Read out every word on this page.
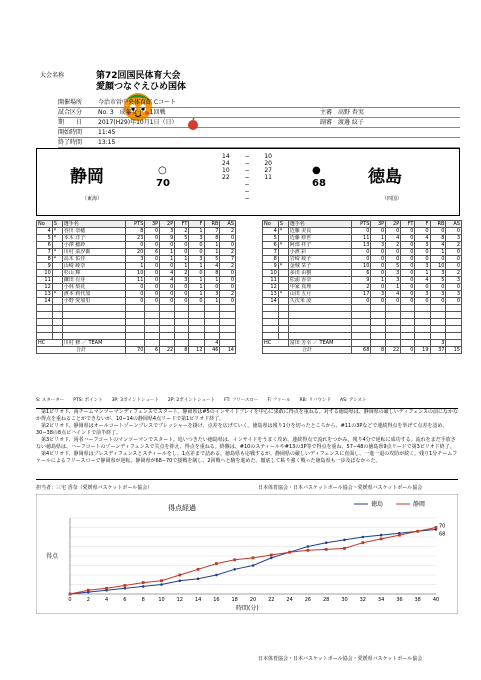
大会名称	第72回国民体育大会
愛顔つなぐえひめ国体
開催場所	今治市営中央体育館 Cコート
試合区分	No. 3　成年女子　1回戦	主審 高野 杏実
期　　日	2017(H29)年10月1日（日）	副審 渡邊 紋子
開始時間	11:45
終了時間	13:15
静岡
（東海）
○
70
14 − 10
24 − 20
10 − 27
22 − 11
−
−
−
●
68 徳島
（四国）
No	S	選手名	PTS	3P	2P	FT	F	RB	AS
4	*	谷川 奈穂	8	0	3	2	1	7	2
5	*	本木 洋子	23	0	9	5	3	8	0
6		小澤 穂鈴	0	0	0	0	0	1	0
7	*	川村 菜汐都	20	6	1	0	0	1	2
8	*	高木 佑佳	3	0	1	1	3	5	7
9		山崎 綾奈	1	0	0	1	1	4	2
10		杉山 輝	10	0	4	2	0	8	0
11		鎌田 有芽	11	0	4	3	1	1	0
12		小林 梨花	0	0	0	0	1	0	0
13	*	濱本 莉代加	0	0	0	0	1	3	2
14		小野 愛加里	0	0	0	0	0	1	0

HC		川村 修 ／ TEAM						4	
合計			70	6	22	8	12	46	14
No	S	選手名	PTS	3P	2P	FT	F	RB	AS
4	*	近藤 美良	0	0	0	0	0	0	0
5		近藤 紗世	11	1	4	0	4	8	3
6	*	阿部 祥子	13	3	2	0	3	4	2
7		小濱 彩	0	0	0	0	0	1	0
8		岩崎 綾子	0	0	0	0	0	0	0
9	*	金城 栞子	10	0	5	0	3	10	0
10		多田 由樹	6	0	3	0	1	3	2
11		松浦 香奈	9	1	3	0	4	5	3
12		中家 真理	2	0	1	0	0	0	0
13	*	山田 五月	17	3	4	0	3	3	3
14		久次米 凌	0	0	0	0	0	0	0

HC		富田 芳幸 ／ TEAM						3	
合計			68	8	22	0	19	37	15
S: スターター　　PTS: ポイント　　3P: 3ポイントシュート　　2P: 2ポイントシュート　　FT: フリースロー　　F: ファール　　RB: リバウンド　　AS: アシスト
　第1ピリオド、両チームマンツーマンディフェンスでスタート。静岡県は#5のインサイドプレイを中心に果敢に得点を重ねる。対する徳島県は、静岡県の厳しいディフェンスの前になかなか得点を重ねることができないが、10−14の静岡県4点リードで第1ピリオド終了。
　第2ピリオド、静岡県はオールコートゾーンプレスでプレッシャーを掛け、点差を広げていく。徳島県は残り1分を切ったところから、#11の3Pなどで連続得点を挙げて点差を詰め、30−38の8点ビハインドで前半終了。
　第3ピリオド、両者ハーフコートのマンツーマンでスタート。追いつきたい徳島県は、インサイドをうまく攻め、連続得点で流れをつかみ、残り4分で逆転に成功する。流れをまだ手放さない徳島県は、ハーフコートのゾーンディフェンスで失点を抑え、得点を重ねる。終盤は、#10のスティールや#13の3P等で得点を重ね、57−48の徳島県9点リードで第3ピリオド終了。
　第4ピリオド、静岡県はプレスディフェンスとスティールをし、1点差まで詰める。徳島県も応戦するが、静岡県の厳しいディフェンスに直面し、一進一退の攻防が続く。残り1分チームファールによるフリースローで静岡県が逆転。静岡県が68−70で接戦を制し、2回戦へと駒を進めた。徹底して粘り強く戦った徳島県も一歩及ばなかった。
担当者：三宅 香奈（愛媛県バスケットボール協会）	日本体育協会・日本バスケットボール協会・愛媛県バスケットボール協会
得点経過
得点
時間(分)
0	2	4	6	8	10 12 14 16 18 20 22 24 26 28 30 32 34 36 38 40
70
68
徳島	静岡
日本体育協会・日本バスケットボール協会・愛媛県バスケットボール協会
